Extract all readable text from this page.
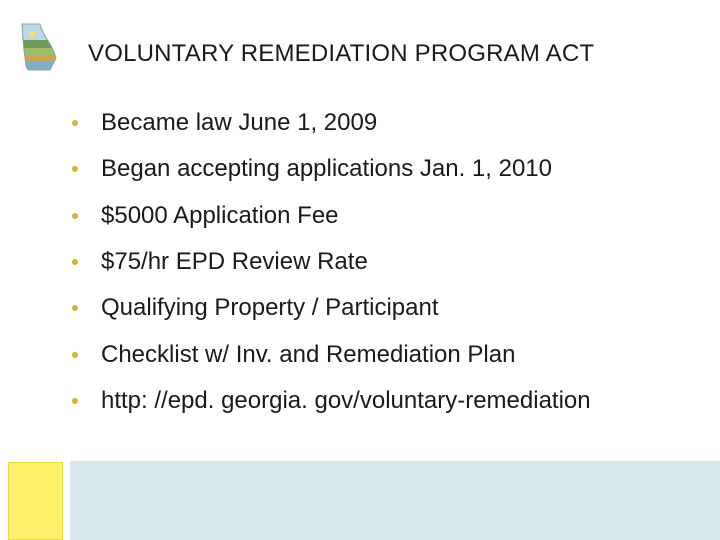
VOLUNTARY REMEDIATION PROGRAM ACT
Became law June 1, 2009
Began accepting applications Jan. 1, 2010
$5000 Application Fee
$75/hr EPD Review Rate
Qualifying Property / Participant
Checklist w/ Inv. and Remediation Plan
http: //epd. georgia. gov/voluntary-remediation
